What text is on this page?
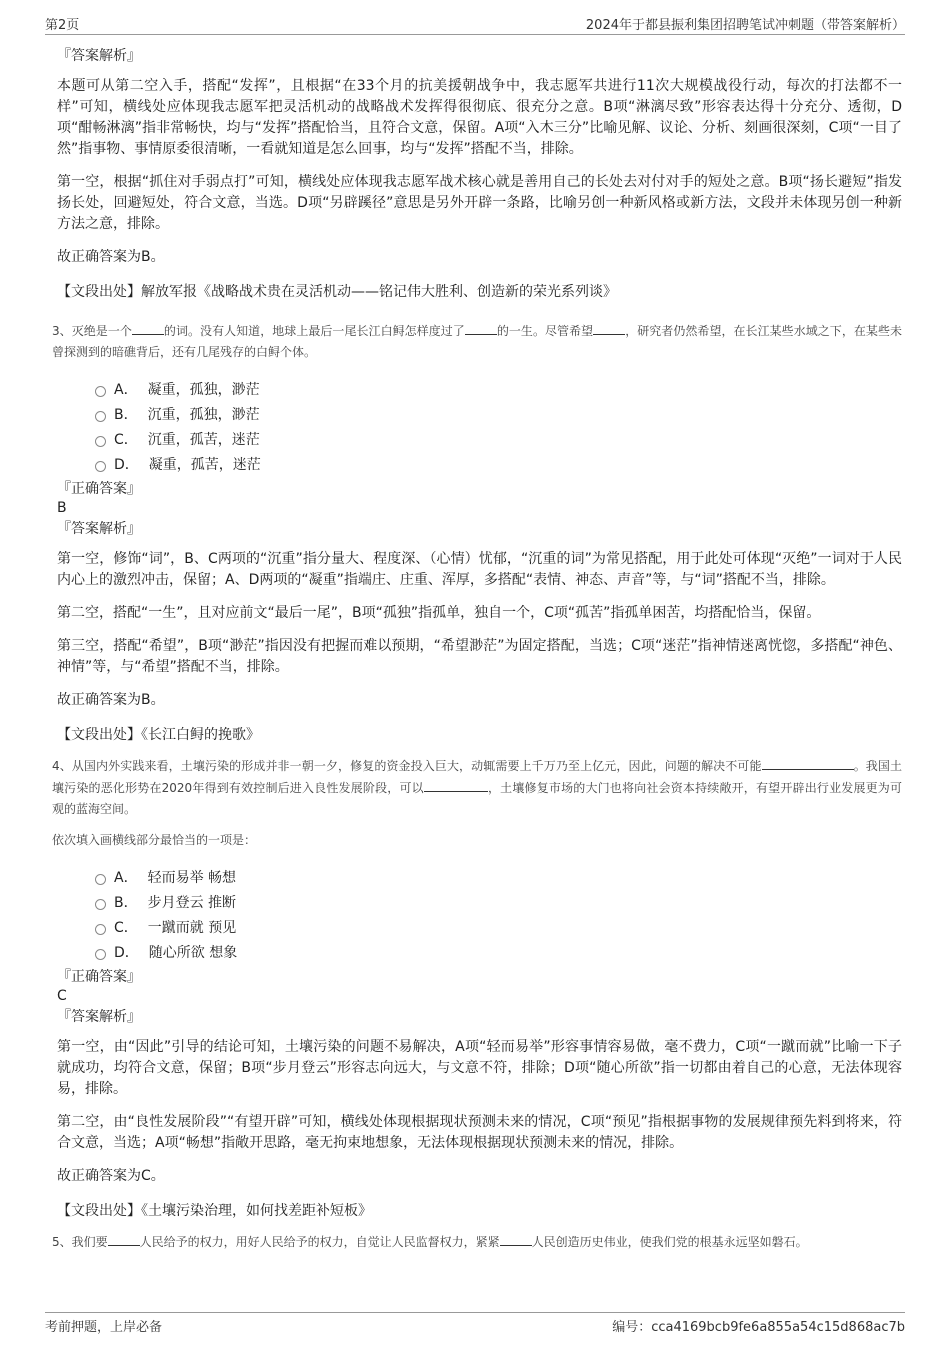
第2页	2024年于都县振利集团招聘笔试冲刺题（带答案解析）

『答案解析』

本题可从第二空入手，搭配“发挥”，且根据“在33个月的抗美援朝战争中，我志愿军共进行11次大规模战役行动，每次的打法都不一样”可知，横线处应体现我志愿军把灵活机动的战略战术发挥得很彻底、很充分之意。B项“淋漓尽致”形容表达得十分充分、透彻，D项“酣畅淋漓”指非常畅快，均与“发挥”搭配恰当，且符合文意，保留。A项“入木三分”比喻见解、议论、分析、刻画很深刻，C项“一目了然”指事物、事情原委很清晰，一看就知道是怎么回事，均与“发挥”搭配不当，排除。

第一空，根据“抓住对手弱点打”可知，横线处应体现我志愿军战术核心就是善用自己的长处去对付对手的短处之意。B项“扬长避短”指发扬长处，回避短处，符合文意，当选。D项“另辟蹊径”意思是另外开辟一条路，比喻另创一种新风格或新方法，文段并未体现另创一种新方法之意，排除。

故正确答案为B。

【文段出处】解放军报《战略战术贵在灵活机动——铭记伟大胜利、创造新的荣光系列谈》

3、灭绝是一个	的词。没有人知道，地球上最后一尾长江白鲟怎样度过了	的一生。尽管希望	，研究者仍然希望，在长江某些水域之下，在某些未曾探测到的暗礁背后，还有几尾残存的白鲟个体。

A． 凝重，孤独，渺茫
B． 沉重，孤独，渺茫
C． 沉重，孤苦，迷茫
D． 凝重，孤苦，迷茫

『正确答案』

B

『答案解析』

第一空，修饰“词”，B、C两项的“沉重”指分量大、程度深、（心情）忧郁，“沉重的词”为常见搭配，用于此处可体现“灭绝”一词对于人民内心上的激烈冲击，保留；A、D两项的“凝重”指端庄、庄重、浑厚，多搭配“表情、神态、声音”等，与“词”搭配不当，排除。

第二空，搭配“一生”，且对应前文“最后一尾”，B项“孤独”指孤单，独自一个，C项“孤苦”指孤单困苦，均搭配恰当，保留。

第三空，搭配“希望”，B项“渺茫”指因没有把握而难以预期，“希望渺茫”为固定搭配，当选；C项“迷茫”指神情迷离恍惚，多搭配“神色、神情”等，与“希望”搭配不当，排除。

故正确答案为B。

【文段出处】《长江白鲟的挽歌》

4、从国内外实践来看，土壤污染的形成并非一朝一夕，修复的资金投入巨大，动辄需要上千万乃至上亿元，因此，问题的解决不可能	。我国土壤污染的恶化形势在2020年得到有效控制后进入良性发展阶段，可以	，土壤修复市场的大门也将向社会资本持续敞开，有望开辟出行业发展更为可观的蓝海空间。

依次填入画横线部分最恰当的一项是：

A． 轻而易举 畅想
B． 步月登云 推断
C． 一蹴而就 预见
D． 随心所欲 想象

『正确答案』

C

『答案解析』

第一空，由“因此”引导的结论可知，土壤污染的问题不易解决，A项“轻而易举”形容事情容易做，毫不费力，C项“一蹴而就”比喻一下子就成功，均符合文意，保留；B项“步月登云”形容志向远大，与文意不符，排除；D项“随心所欲”指一切都由着自己的心意，无法体现容易，排除。

第二空，由“良性发展阶段”“有望开辟”可知，横线处体现根据现状预测未来的情况，C项“预见”指根据事物的发展规律预先料到将来，符合文意，当选；A项“畅想”指敞开思路，毫无拘束地想象，无法体现根据现状预测未来的情况，排除。

故正确答案为C。

【文段出处】《土壤污染治理，如何找差距补短板》

5、我们要	人民给予的权力，用好人民给予的权力，自觉让人民监督权力，紧紧	人民创造历史伟业，使我们党的根基永远坚如磐石。

考前押题，上岸必备	编号：cca4169bcb9fe6a855a54c15d868ac7b
